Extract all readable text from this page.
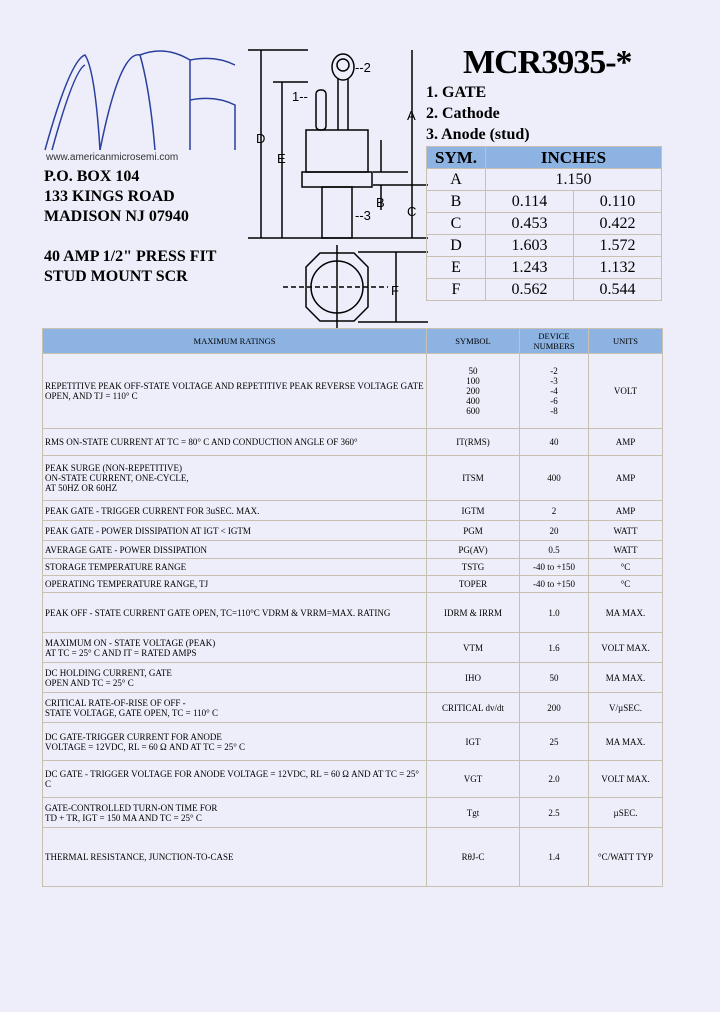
www.americanmicrosemi.com
P.O. BOX 104
133 KINGS ROAD
MADISON NJ 07940
40 AMP 1/2" PRESS FIT
STUD MOUNT SCR
D
E
A
B
C
F
1--
--2
--3
MCR3935-*
1. GATE
2. Cathode
3. Anode (stud)
SYM.	INCHES	
A	1.150	
B	0.114	0.110
C	0.453	0.422
D	1.603	1.572
E	1.243	1.132
F	0.562	0.544
MAXIMUM RATINGS	SYMBOL	DEVICE NUMBERS	UNITS
REPETITIVE PEAK OFF-STATE VOLTAGE AND REPETITIVE PEAK REVERSE VOLTAGE GATE OPEN, AND TJ = 110° C	50
100
200
400
600	-2
-3
-4
-6
-8	VOLT
RMS ON-STATE CURRENT AT TC = 80° C AND CONDUCTION ANGLE OF 360°	IT(RMS)	40	AMP
PEAK SURGE (NON-REPETITIVE)
ON-STATE CURRENT, ONE-CYCLE,
AT 50HZ OR 60HZ	ITSM	400	AMP
PEAK GATE - TRIGGER CURRENT FOR 3uSEC. MAX.	IGTM	2	AMP
PEAK GATE - POWER DISSIPATION AT IGT < IGTM	PGM	20	WATT
AVERAGE GATE - POWER DISSIPATION	PG(AV)	0.5	WATT
STORAGE TEMPERATURE RANGE	TSTG	-40 to +150	°C
OPERATING TEMPERATURE RANGE, TJ	TOPER	-40 to +150	°C
PEAK OFF - STATE CURRENT GATE OPEN, TC=110°C VDRM & VRRM=MAX. RATING	IDRM & IRRM	1.0	MA MAX.
MAXIMUM ON - STATE VOLTAGE (PEAK)
AT TC = 25° C AND IT = RATED AMPS	VTM	1.6	VOLT MAX.
DC HOLDING CURRENT, GATE
OPEN AND TC = 25° C	IHO	50	MA MAX.
CRITICAL RATE-OF-RISE OF OFF -
STATE VOLTAGE, GATE OPEN, TC = 110° C	CRITICAL dv/dt	200	V/µSEC.
DC GATE-TRIGGER CURRENT FOR ANODE
VOLTAGE = 12VDC, RL = 60 Ω AND AT TC = 25° C	IGT	25	MA MAX.
DC GATE - TRIGGER VOLTAGE FOR ANODE VOLTAGE = 12VDC, RL = 60 Ω AND AT TC = 25° C	VGT	2.0	VOLT MAX.
GATE-CONTROLLED TURN-ON TIME FOR
TD + TR, IGT = 150 MA AND TC = 25° C	Tgt	2.5	µSEC.
THERMAL RESISTANCE, JUNCTION-TO-CASE	RθJ-C	1.4	°C/WATT TYP
